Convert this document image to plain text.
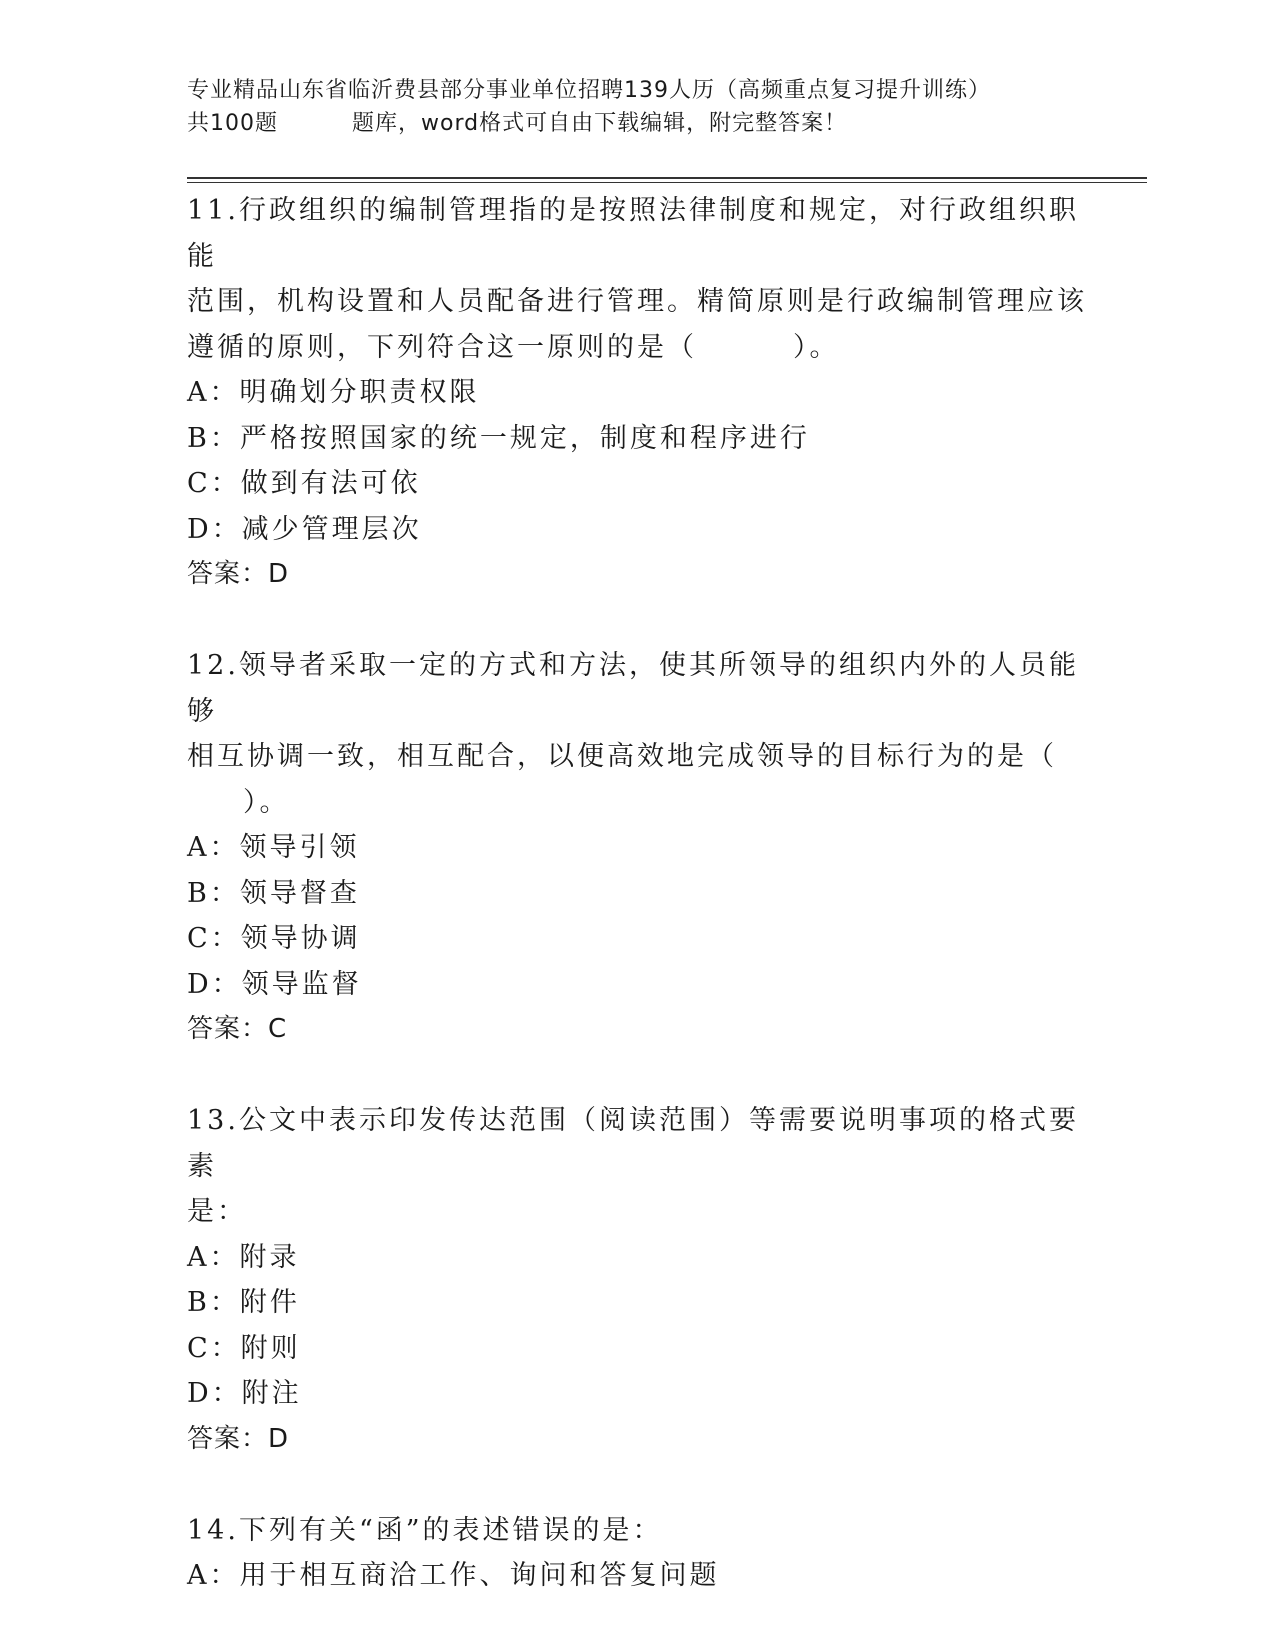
专业精品山东省临沂费县部分事业单位招聘139人历（高频重点复习提升训练）
共100题	题库，word格式可自由下载编辑，附完整答案！

11.行政组织的编制管理指的是按照法律制度和规定，对行政组织职能

范围，机构设置和人员配备进行管理。精简原则是行政编制管理应该

遵循的原则，下列符合这一原则的是（	）。

A：明确划分职责权限

B：严格按照国家的统一规定，制度和程序进行

C：做到有法可依

D：减少管理层次

答案：D

12.领导者采取一定的方式和方法，使其所领导的组织内外的人员能够

相互协调一致，相互配合，以便高效地完成领导的目标行为的是（

）。

A：领导引领

B：领导督查

C：领导协调

D：领导监督

答案：C

13.公文中表示印发传达范围（阅读范围）等需要说明事项的格式要素

是：

A：附录

B：附件

C：附则

D：附注

答案：D

14.下列有关“函”的表述错误的是：

A：用于相互商洽工作、询问和答复问题
